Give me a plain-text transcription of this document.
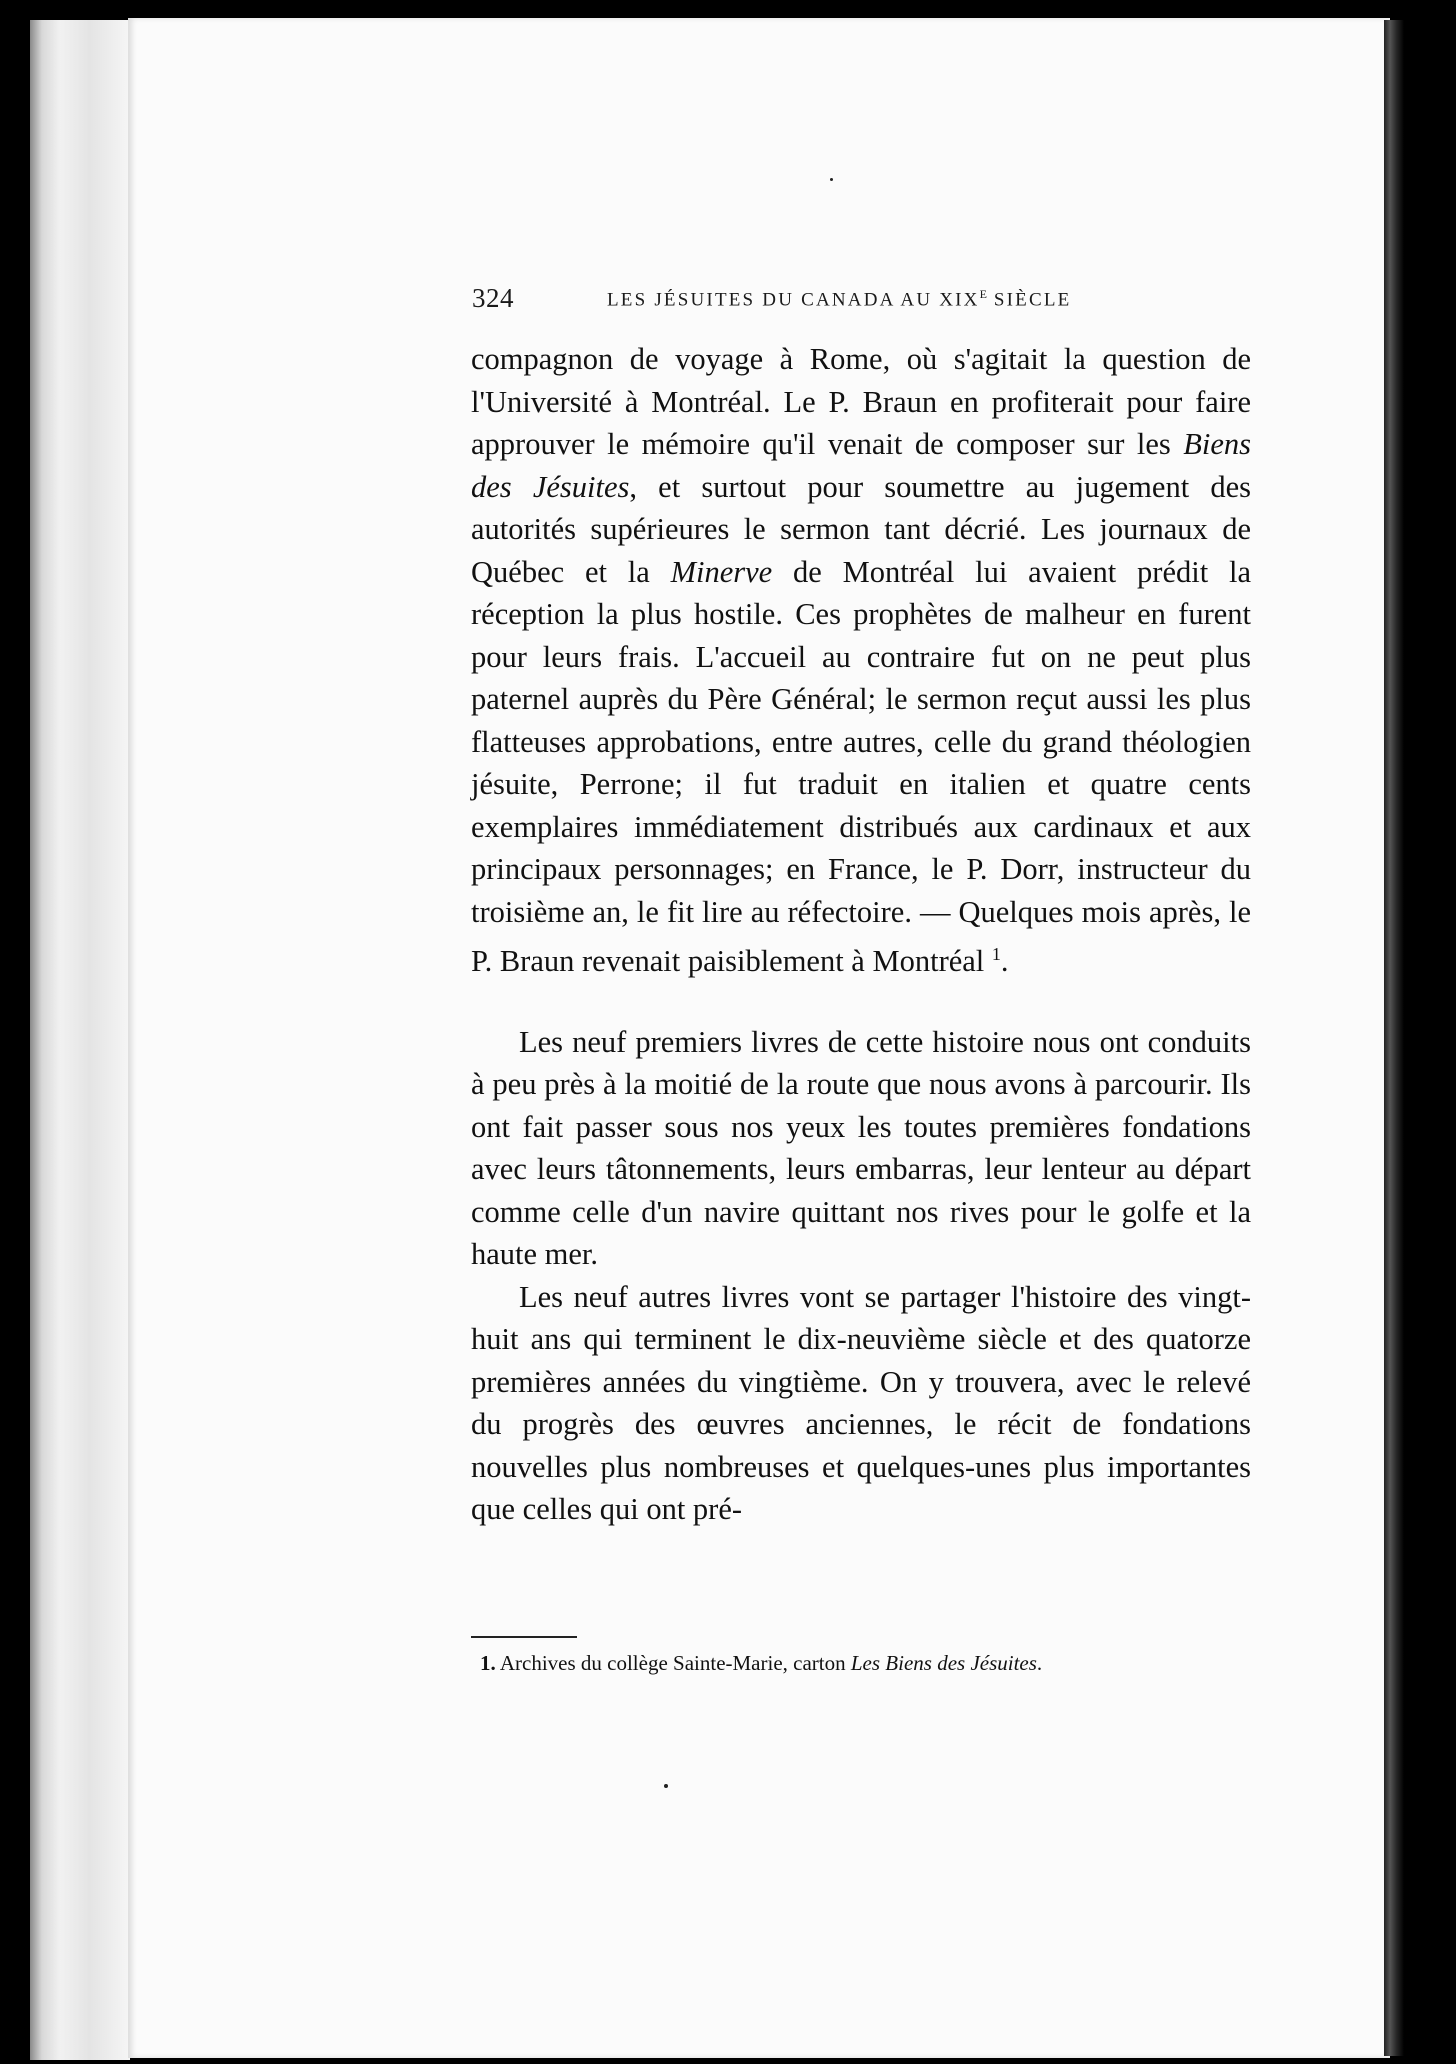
324	LES JÉSUITES DU CANADA AU $XIX^E$ SIÈCLE

compagnon de voyage à Rome, où s'agitait la question de l'Université à Montréal. Le P. Braun en profiterait pour faire approuver le mémoire qu'il venait de composer sur les Biens des Jésuites, et surtout pour soumettre au jugement des autorités supérieures le sermon tant décrié. Les journaux de Québec et la Minerve de Montréal lui avaient prédit la réception la plus hostile. Ces prophètes de malheur en furent pour leurs frais. L'accueil au contraire fut on ne peut plus paternel auprès du Père Général; le sermon reçut aussi les plus flatteuses approbations, entre autres, celle du grand théologien jésuite, Perrone; il fut traduit en italien et quatre cents exemplaires immédiatement distribués aux cardinaux et aux principaux personnages; en France, le P. Dorr, instructeur du troisième an, le fit lire au réfectoire. — Quelques mois après, le P. Braun revenait paisiblement à Montréal $^1$.

Les neuf premiers livres de cette histoire nous ont conduits à peu près à la moitié de la route que nous avons à parcourir. Ils ont fait passer sous nos yeux les toutes premières fondations avec leurs tâtonnements, leurs embarras, leur lenteur au départ comme celle d'un navire quittant nos rives pour le golfe et la haute mer.

Les neuf autres livres vont se partager l'histoire des vingt-huit ans qui terminent le dix-neuvième siècle et des quatorze premières années du vingtième. On y trouvera, avec le relevé du progrès des œuvres anciennes, le récit de fondations nouvelles plus nombreuses et quelques-unes plus importantes que celles qui ont pré-

1. Archives du collège Sainte-Marie, carton Les Biens des Jésuites.
